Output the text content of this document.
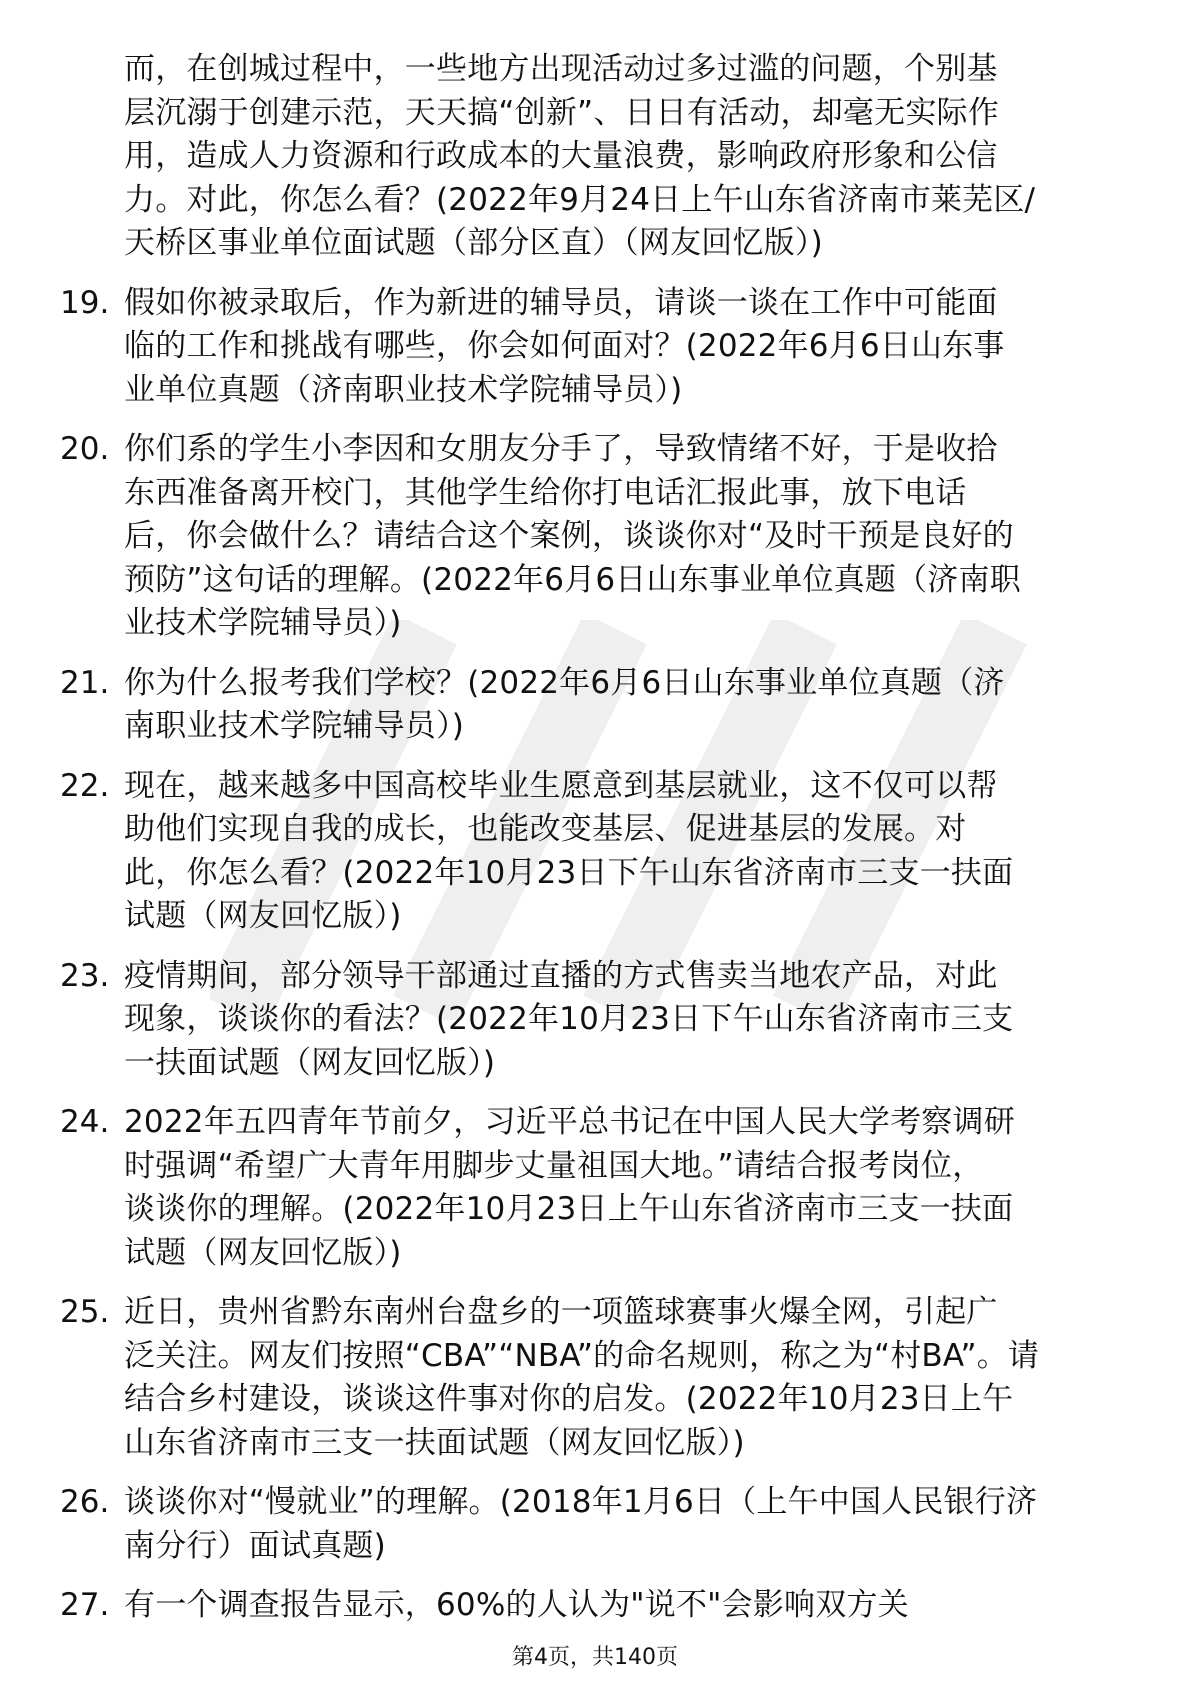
而，在创城过程中，一些地方出现活动过多过滥的问题，个别基
层沉溺于创建示范，天天搞“创新”、日日有活动，却毫无实际作
用，造成人力资源和行政成本的大量浪费，影响政府形象和公信
力。对此，你怎么看？(2022年9月24日上午山东省济南市莱芜区/
天桥区事业单位面试题（部分区直）（网友回忆版）)
19. 假如你被录取后，作为新进的辅导员，请谈一谈在工作中可能面
临的工作和挑战有哪些，你会如何面对？(2022年6月6日山东事
业单位真题（济南职业技术学院辅导员）)
20. 你们系的学生小李因和女朋友分手了，导致情绪不好，于是收拾
东西准备离开校门，其他学生给你打电话汇报此事，放下电话
后，你会做什么？请结合这个案例，谈谈你对“及时干预是良好的
预防”这句话的理解。(2022年6月6日山东事业单位真题（济南职
业技术学院辅导员）)
21. 你为什么报考我们学校？(2022年6月6日山东事业单位真题（济
南职业技术学院辅导员）)
22. 现在，越来越多中国高校毕业生愿意到基层就业，这不仅可以帮
助他们实现自我的成长，也能改变基层、促进基层的发展。对
此，你怎么看？(2022年10月23日下午山东省济南市三支一扶面
试题（网友回忆版）)
23. 疫情期间，部分领导干部通过直播的方式售卖当地农产品，对此
现象，谈谈你的看法？(2022年10月23日下午山东省济南市三支
一扶面试题（网友回忆版）)
24. 2022年五四青年节前夕，习近平总书记在中国人民大学考察调研
时强调“希望广大青年用脚步丈量祖国大地。”请结合报考岗位，
谈谈你的理解。(2022年10月23日上午山东省济南市三支一扶面
试题（网友回忆版）)
25. 近日，贵州省黔东南州台盘乡的一项篮球赛事火爆全网，引起广
泛关注。网友们按照“CBA”“NBA”的命名规则，称之为“村BA”。请
结合乡村建设，谈谈这件事对你的启发。(2022年10月23日上午
山东省济南市三支一扶面试题（网友回忆版）)
26. 谈谈你对“慢就业”的理解。(2018年1月6日（上午中国人民银行济
南分行）面试真题)
27. 有一个调查报告显示，60%的人认为"说不"会影响双方关
第4页，共140页
